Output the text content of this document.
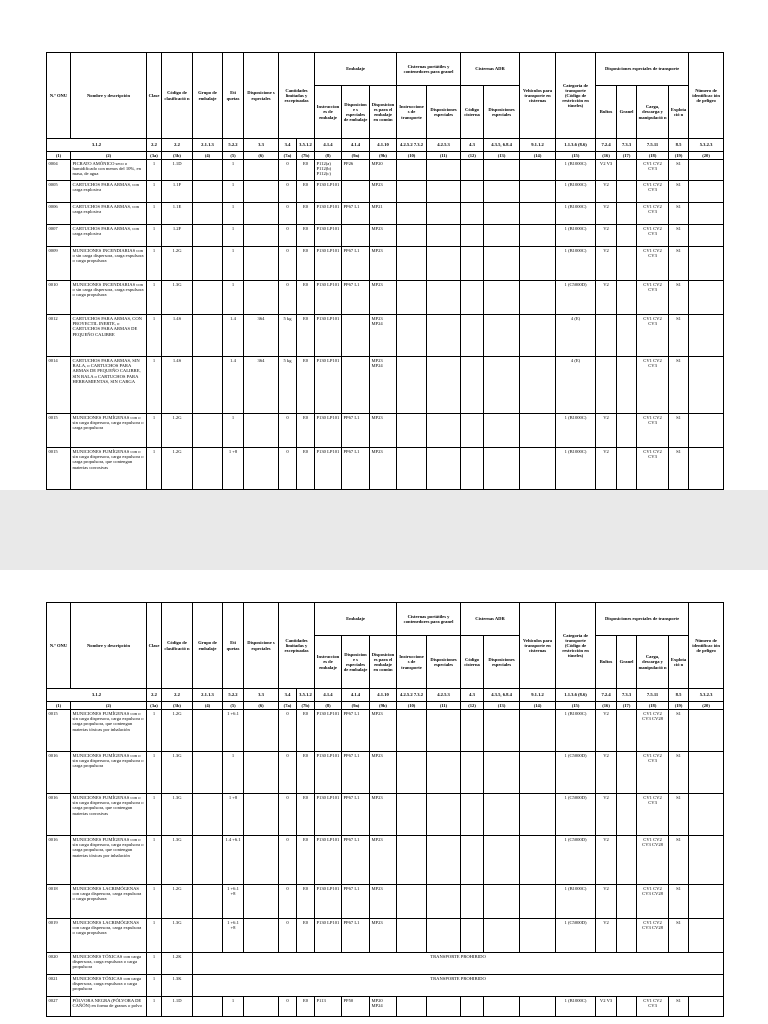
N.º ONU	Nombre y descripción	Clase	Código de clasificació n	Grupo de embalaje	Eti quetas	Disposicione s especiales	Cantidades limitadas y exceptuadas		Embalaje			Cisternas portátiles y contenedores para granel		Cisternas ADR		Vehículos para transporte en cisternas	Categoría de transporte (Código de restricción en túneles)	Disposiciones especiales de transporte				Número de identificac ión de peligro
									Instruccion es de embalaje	Disposicione s especiales de embalaje	Disposicion es para el embalaje en común	Instruccione s de transporte	Disposiciones especiales	Código cisterna	Disposiciones especiales			Bultos	Granel	Carga, descarga y manipulació n	Explotació n	
3.1.2		2.2	2.2	2.1.1.3	5.2.2	3.3	3.4	3.5.1.2	4.1.4	4.1.4	4.1.10	4.2.5.2 7.3.2	4.2.5.3	4.3	4.3.5, 6.8.4	9.1.1.2	1.1.3.6 (8.6)	7.2.4	7.3.3	7.5.11	8.5	5.3.2.3
(1)	(2)	(3a)	(3b)	(4)	(5)	(6)	(7a)	(7b)	(8)	(9a)	(9b)	(10)	(11)	(12)	(13)	(14)	(15)	(16)	(17)	(18)	(19)	(20)
0004	PICRATO AMÓNICO seco o humidificado con menos del 10%, en masa, de agua	1	1.1D		1		0	E0	P112(a) P112(b) P112(c)	PP26	MP20						1 (B1000C)	V2 V3		CV1 CV2 CV3	S1	
0005	CARTUCHOS PARA ARMAS, con carga explosiva	1	1.1F		1		0	E0	P130 LP101		MP23						1 (B1000C)	V2		CV1 CV2 CV3	S1	
0006	CARTUCHOS PARA ARMAS, con carga explosiva	1	1.1E		1		0	E0	P130 LP101	PP67 L1	MP21						1 (B1000C)	V2		CV1 CV2 CV3	S1	
0007	CARTUCHOS PARA ARMAS, con carga explosiva	1	1.2F		1		0	E0	P130 LP101		MP23						1 (B1000C)	V2		CV1 CV2 CV3	S1	
0009	MUNICIONES INCENDIARIAS con o sin carga dispersora, carga expulsora o carga propulsora	1	1.2G		1		0	E0	P130 LP101	PP67 L1	MP23						1 (B1000C)	V2		CV1 CV2 CV3	S1	
0010	MUNICIONES INCENDIARIAS con o sin carga dispersora, carga expulsora o carga propulsora	1	1.3G		1		0	E0	P130 LP101	PP67 L1	MP23						1 (C5000D)	V2		CV1 CV2 CV3	S1	
0012	CARTUCHOS PARA ARMAS, CON PROYECTIL INERTE, o CARTUCHOS PARA ARMAS DE PEQUEÑO CALIBRE	1	1.4S		1.4	364	5 kg	E0	P130 LP101		MP23 MP24						4 (E)			CV1 CV2 CV3	S1	
0014	CARTUCHOS PARA ARMAS, SIN BALA, o CARTUCHOS PARA ARMAS DE PEQUEÑO CALIBRE, SIN BALA o CARTUCHOS PARA HERRAMIENTAS, SIN CARGA	1	1.4S		1.4	364	5 kg	E0	P130 LP101		MP23 MP24						4 (E)			CV1 CV2 CV3	S1	
0015	MUNICIONES FUMÍGENAS con o sin carga dispersora, carga expulsora o carga propulsora	1	1.2G		1		0	E0	P130 LP101	PP67 L1	MP23						1 (B1000C)	V2		CV1 CV2 CV3	S1	
0015	MUNICIONES FUMÍGENAS con o sin carga dispersora, carga expulsora o carga propulsora, que contengan materias corrosivas	1	1.2G		1 +8		0	E0	P130 LP101	PP67 L1	MP23						1 (B1000C)	V2		CV1 CV2 CV3	S1	
N.º ONU	Nombre y descripción	Clase	Código de clasificació n	Grupo de embalaje	Eti quetas	Disposicione s especiales	Cantidades limitadas y exceptuadas		Embalaje			Cisternas portátiles y contenedores para granel		Cisternas ADR		Vehículos para transporte en cisternas	Categoría de transporte (Código de restricción en túneles)	Disposiciones especiales de transporte				Número de identificac ión de peligro
									Instruccion es de embalaje	Disposicione s especiales de embalaje	Disposicion es para el embalaje en común	Instruccione s de transporte	Disposiciones especiales	Código cisterna	Disposiciones especiales			Bultos	Granel	Carga, descarga y manipulació n	Explotació n	
3.1.2		2.2	2.2	2.1.1.3	5.2.2	3.3	3.4	3.5.1.2	4.1.4	4.1.4	4.1.10	4.2.5.2 7.3.2	4.2.5.3	4.3	4.3.5, 6.8.4	9.1.1.2	1.1.3.6 (8.6)	7.2.4	7.3.3	7.5.11	8.5	5.3.2.3
(1)	(2)	(3a)	(3b)	(4)	(5)	(6)	(7a)	(7b)	(8)	(9a)	(9b)	(10)	(11)	(12)	(13)	(14)	(15)	(16)	(17)	(18)	(19)	(20)
0015	MUNICIONES FUMÍGENAS con o sin carga dispersora, carga expulsora o carga propulsora, que contengan materias tóxicas por inhalación	1	1.2G		1 +6.1		0	E0	P130 LP101	PP67 L1	MP23						1 (B1000C)	V2		CV1 CV2 CV3 CV28	S1	
0016	MUNICIONES FUMÍGENAS con o sin carga dispersora, carga expulsora o carga propulsora	1	1.3G		1		0	E0	P130 LP101	PP67 L1	MP23						1 (C5000D)	V2		CV1 CV2 CV3	S1	
0016	MUNICIONES FUMÍGENAS con o sin carga dispersora, carga expulsora o carga propulsora, que contengan materias corrosivas	1	1.3G		1 +8		0	E0	P130 LP101	PP67 L1	MP23						1 (C5000D)	V2		CV1 CV2 CV3	S1	
0016	MUNICIONES FUMÍGENAS con o sin carga dispersora, carga expulsora o carga propulsora, que contengan materias tóxicas por inhalación	1	1.3G		1.4 +6.1		0	E0	P130 LP101	PP67 L1	MP23						1 (C5000D)	V2		CV1 CV2 CV3 CV28	S1	
0018	MUNICIONES LACRIMÓGENAS con carga dispersora, carga expulsora o carga propulsora	1	1.2G		1 +6.1 +8		0	E0	P130 LP101	PP67 L1	MP23						1 (B1000C)	V2		CV1 CV2 CV3 CV28	S1	
0019	MUNICIONES LACRIMÓGENAS con carga dispersora, carga expulsora o carga propulsora	1	1.3G		1 +6.1 +8		0	E0	P130 LP101	PP67 L1	MP23						1 (C5000D)	V2		CV1 CV2 CV3 CV28	S1	
0020	MUNICIONES TÓXICAS con carga dispersora, carga expulsora o carga propulsora	1	1.2K	TRANSPORTE PROHIBIDO																		
0021	MUNICIONES TÓXICAS con carga dispersora, carga expulsora o carga propulsora	1	1.3K	TRANSPORTE PROHIBIDO																		
0027	PÓLVORA NEGRA (PÓLVORA DE CAÑÓN) en forma de granos o polvo	1	1.1D		1		0	E0	P113	PP50	MP20 MP24						1 (B1000C)	V2 V3		CV1 CV2 CV3	S1	
